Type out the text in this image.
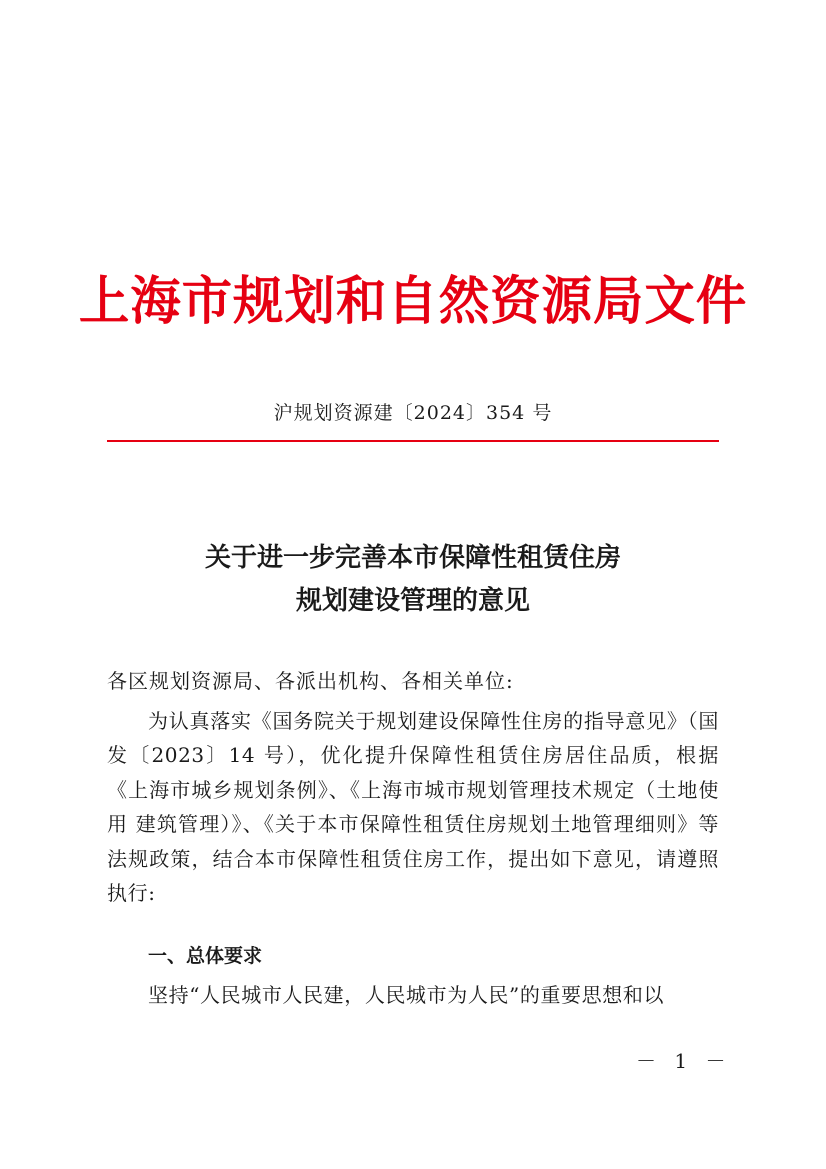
上海市规划和自然资源局文件
沪规划资源建〔2024〕354 号
关于进一步完善本市保障性租赁住房
规划建设管理的意见
各区规划资源局、各派出机构、各相关单位:
为认真落实《国务院关于规划建设保障性住房的指导意见》（国发〔2023〕14 号），优化提升保障性租赁住房居住品质，根据《上海市城乡规划条例》、《上海市城市规划管理技术规定（土地使用 建筑管理）》、《关于本市保障性租赁住房规划土地管理细则》等法规政策，结合本市保障性租赁住房工作，提出如下意见，请遵照执行:
一、总体要求
坚持“人民城市人民建，人民城市为人民”的重要思想和以
－ 1 －
